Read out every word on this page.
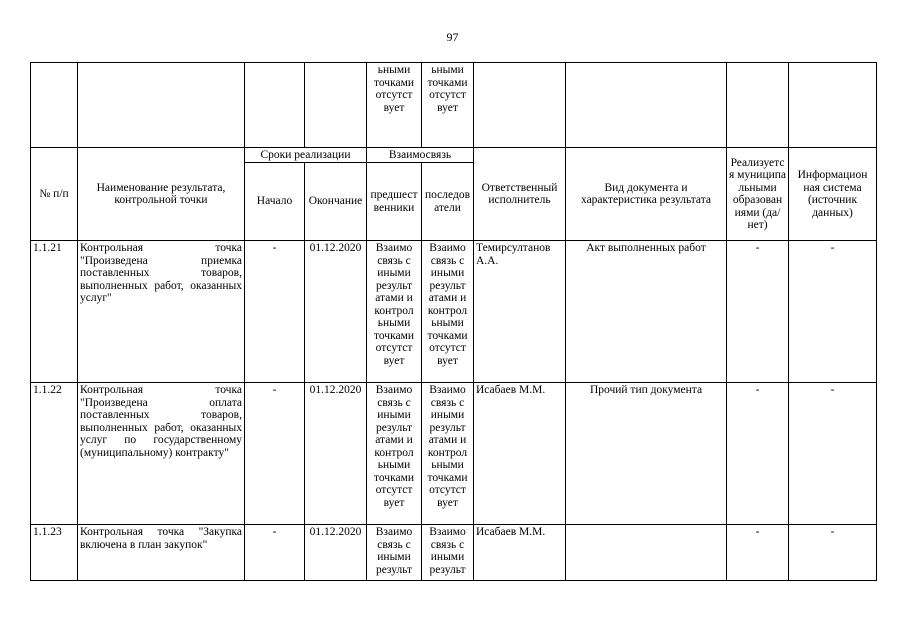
97
				ьными точками отсутст вует	ьными точками отсутст вует				
№ п/п	Наименование результата, контрольной точки	Сроки реализации		Взаимосвязь		Ответственный исполнитель	Вид документа и характеристика результата	Реализуетс я муниципа льными образован иями (да/нет)	Информацион ная система (источник данных)
		Начало	Окончание	предшест венники	последов атели				
1.1.21	Контрольная точка "Произведена приемка поставленных товаров, выполненных работ, оказанных услуг"	-	01.12.2020	Взаимо связь с иными результ атами и контрол ьными точками отсутст вует	Взаимо связь с иными результ атами и контрол ьными точками отсутст вует	Темирсултанов А.А.	Акт выполненных работ	-	-
1.1.22	Контрольная точка "Произведена оплата поставленных товаров, выполненных работ, оказанных услуг по государственному (муниципальному) контракту"	-	01.12.2020	Взаимо связь с иными результ атами и контрол ьными точками отсутст вует	Взаимо связь с иными результ атами и контрол ьными точками отсутст вует	Исабаев М.М.	Прочий тип документа	-	-
1.1.23	Контрольная точка "Закупка включена в план закупок"	-	01.12.2020	Взаимо связь с иными результ	Взаимо связь с иными результ	Исабаев М.М.		-	-
